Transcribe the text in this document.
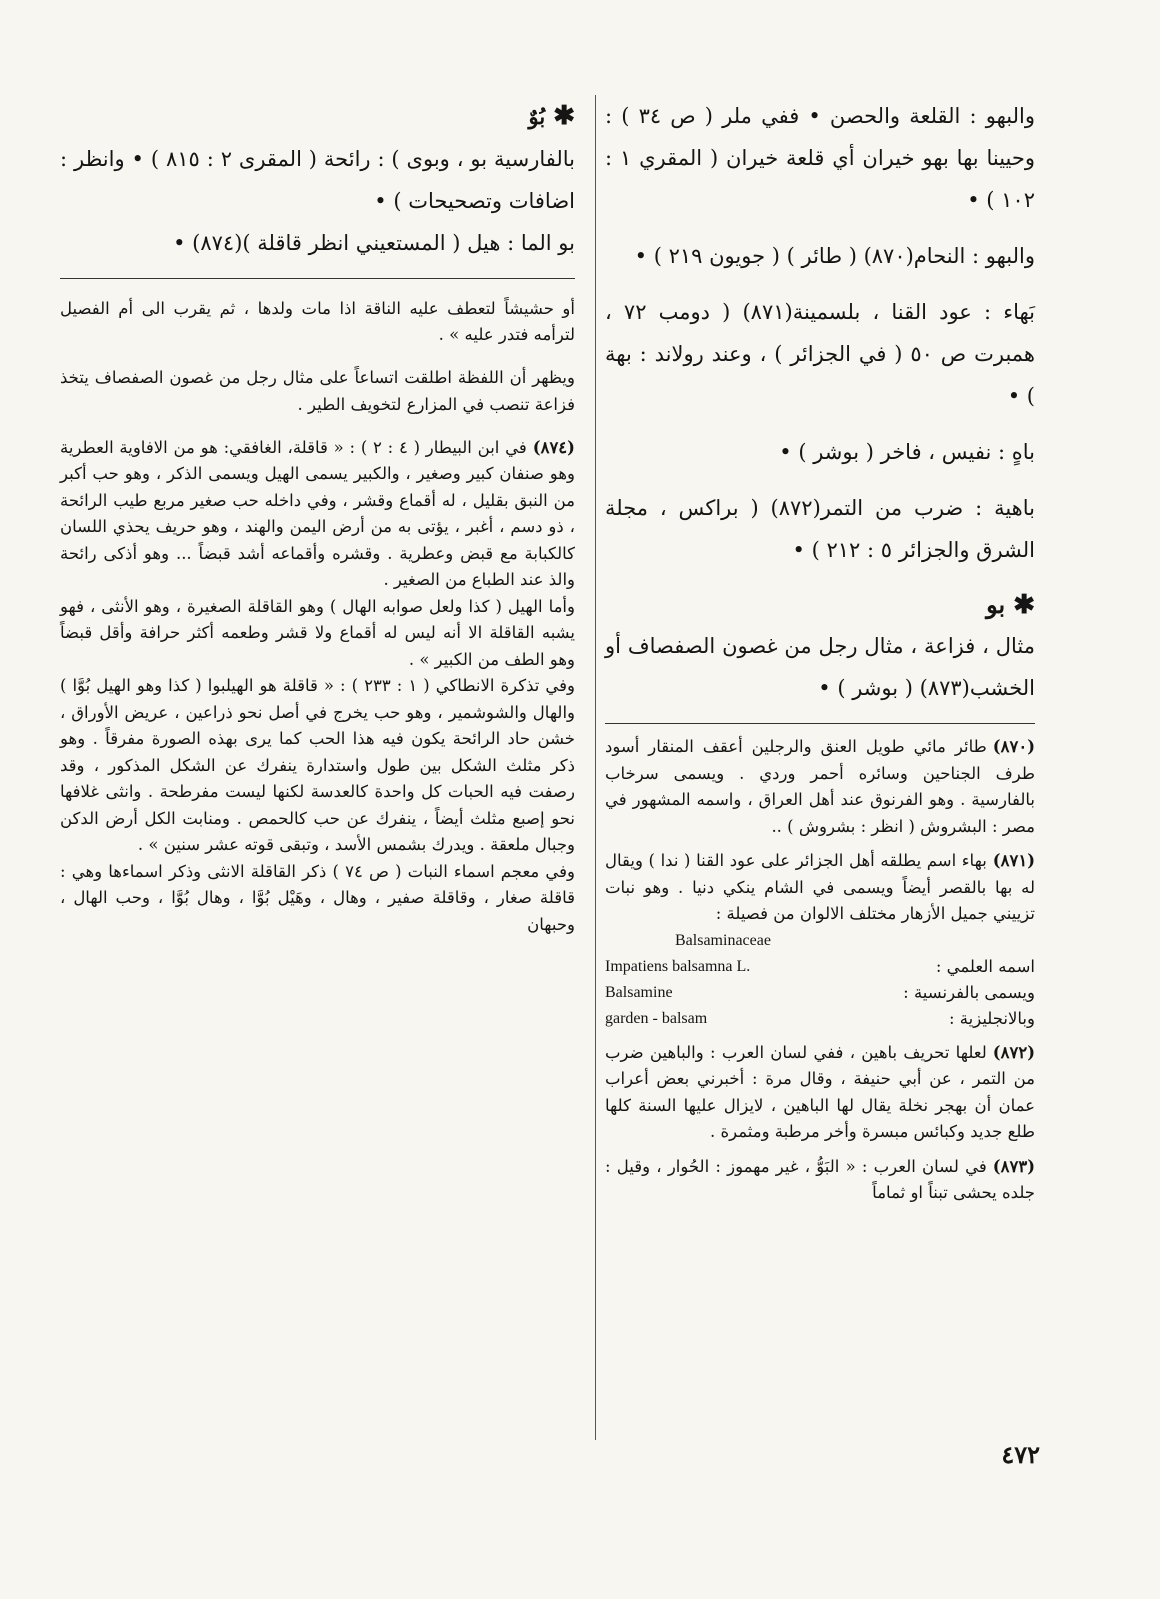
والبهو : القلعة والحصن • ففي ملر ( ص ٣٤ ) : وحيينا بها بهو خيران أي قلعة خيران ( المقري ١ : ١٠٢ ) •

والبهو : النحام(٨٧٠) ( طائر ) ( جويون ٢١٩ ) •

بَهاء : عود القنا ، بلسمينة(٨٧١) ( دومب ٧٢ ، همبرت ص ٥٠ ( في الجزائر ) ، وعند رولاند : بهة ) •

باهٍ : نفيس ، فاخر ( بوشر ) •

باهية : ضرب من التمر(٨٧٢) ( براكس ، مجلة الشرق والجزائر ٥ : ٢١٢ ) •

✱بو

مثال ، فزاعة ، مثال رجل من غصون الصفصاف أو الخشب(٨٧٣) ( بوشر ) •

(٨٧٠)طائر مائي طويل العنق والرجلين أعقف المنقار أسود طرف الجناحين وسائره أحمر وردي . ويسمى سرخاب بالفارسية . وهو الفرنوق عند أهل العراق ، واسمه المشهور في مصر : البشروش ( انظر : بشروش ) ..

(٨٧١)بهاء اسم يطلقه أهل الجزائر على عود القنا ( ندا ) ويقال له بها بالقصر أيضاً ويسمى في الشام ينكي دنيا . وهو نبات تزييني جميل الأزهار مختلف الالوان من فصيلة :

Balsaminaceae
اسمه العلمي :
Impatiens balsamna L.
ويسمى بالفرنسية :
Balsamine
وبالانجليزية :
garden - balsam

(٨٧٢)لعلها تحريف باهين ، ففي لسان العرب : والباهين ضرب من التمر ، عن أبي حنيفة ، وقال مرة : أخبرني بعض أعراب عمان أن بهجر نخلة يقال لها الباهين ، لايزال عليها السنة كلها طلع جديد وكبائس مبسرة وأخر مرطبة ومثمرة .

(٨٧٣)في لسان العرب : « البَوُّ ، غير مهموز : الحُوار ، وقيل : جلده يحشى تبناً او ثماماً

✱بُوٌ

بالفارسية بو ، وبوى ) : رائحة ( المقرى ٢ : ٨١٥ ) • وانظر : اضافات وتصحيحات ) •

بو الما : هيل ( المستعيني انظر قاقلة )(٨٧٤) •

أو حشيشاً لتعطف عليه الناقة اذا مات ولدها ، ثم يقرب الى أم الفصيل لترأمه فتدر عليه » .

ويظهر أن اللفظة اطلقت اتساعاً على مثال رجل من غصون الصفصاف يتخذ فزاعة تنصب في المزارع لتخويف الطير .

(٨٧٤)في ابن البيطار ( ٤ : ٢ ) : « قاقلة، الغافقي: هو من الافاوية العطرية وهو صنفان كبير وصغير ، والكبير يسمى الهيل ويسمى الذكر ، وهو حب أكبر من النبق بقليل ، له أقماع وقشر ، وفي داخله حب صغير مربع طيب الرائحة ، ذو دسم ، أغبر ، يؤتى به من أرض اليمن والهند ، وهو حريف يحذي اللسان كالكبابة مع قبض وعطرية . وقشره وأقماعه أشد قبضاً ... وهو أذكى رائحة والذ عند الطباع من الصغير .

وأما الهيل ( كذا ولعل صوابه الهال ) وهو القاقلة الصغيرة ، وهو الأنثى ، فهو يشبه القاقلة الا أنه ليس له أقماع ولا قشر وطعمه أكثر حرافة وأقل قبضاً وهو الطف من الكبير » .

وفي تذكرة الانطاكي ( ١ : ٢٣٣ ) : « قاقلة هو الهيلبوا ( كذا وهو الهيل بُوَّا ) والهال والشوشمير ، وهو حب يخرج في أصل نحو ذراعين ، عريض الأوراق ، خشن حاد الرائحة يكون فيه هذا الحب كما يرى بهذه الصورة مفرقاً . وهو ذكر مثلث الشكل بين طول واستدارة ينفرك عن الشكل المذكور ، وقد رصفت فيه الحبات كل واحدة كالعدسة لكنها ليست مفرطحة . وانثى غلافها نحو إصبع مثلث أيضاً ، ينفرك عن حب كالحمص . ومنابت الكل أرض الدكن وجبال ملعقة . ويدرك بشمس الأسد ، وتبقى قوته عشر سنين » .

وفي معجم اسماء النبات ( ص ٧٤ ) ذكر القاقلة الانثى وذكر اسماءها وهي : قاقلة صغار ، وقاقلة صفير ، وهال ، وهَيْل بُوَّا ، وهال بُوَّا ، وحب الهال ، وحبهان

٤٧٢
